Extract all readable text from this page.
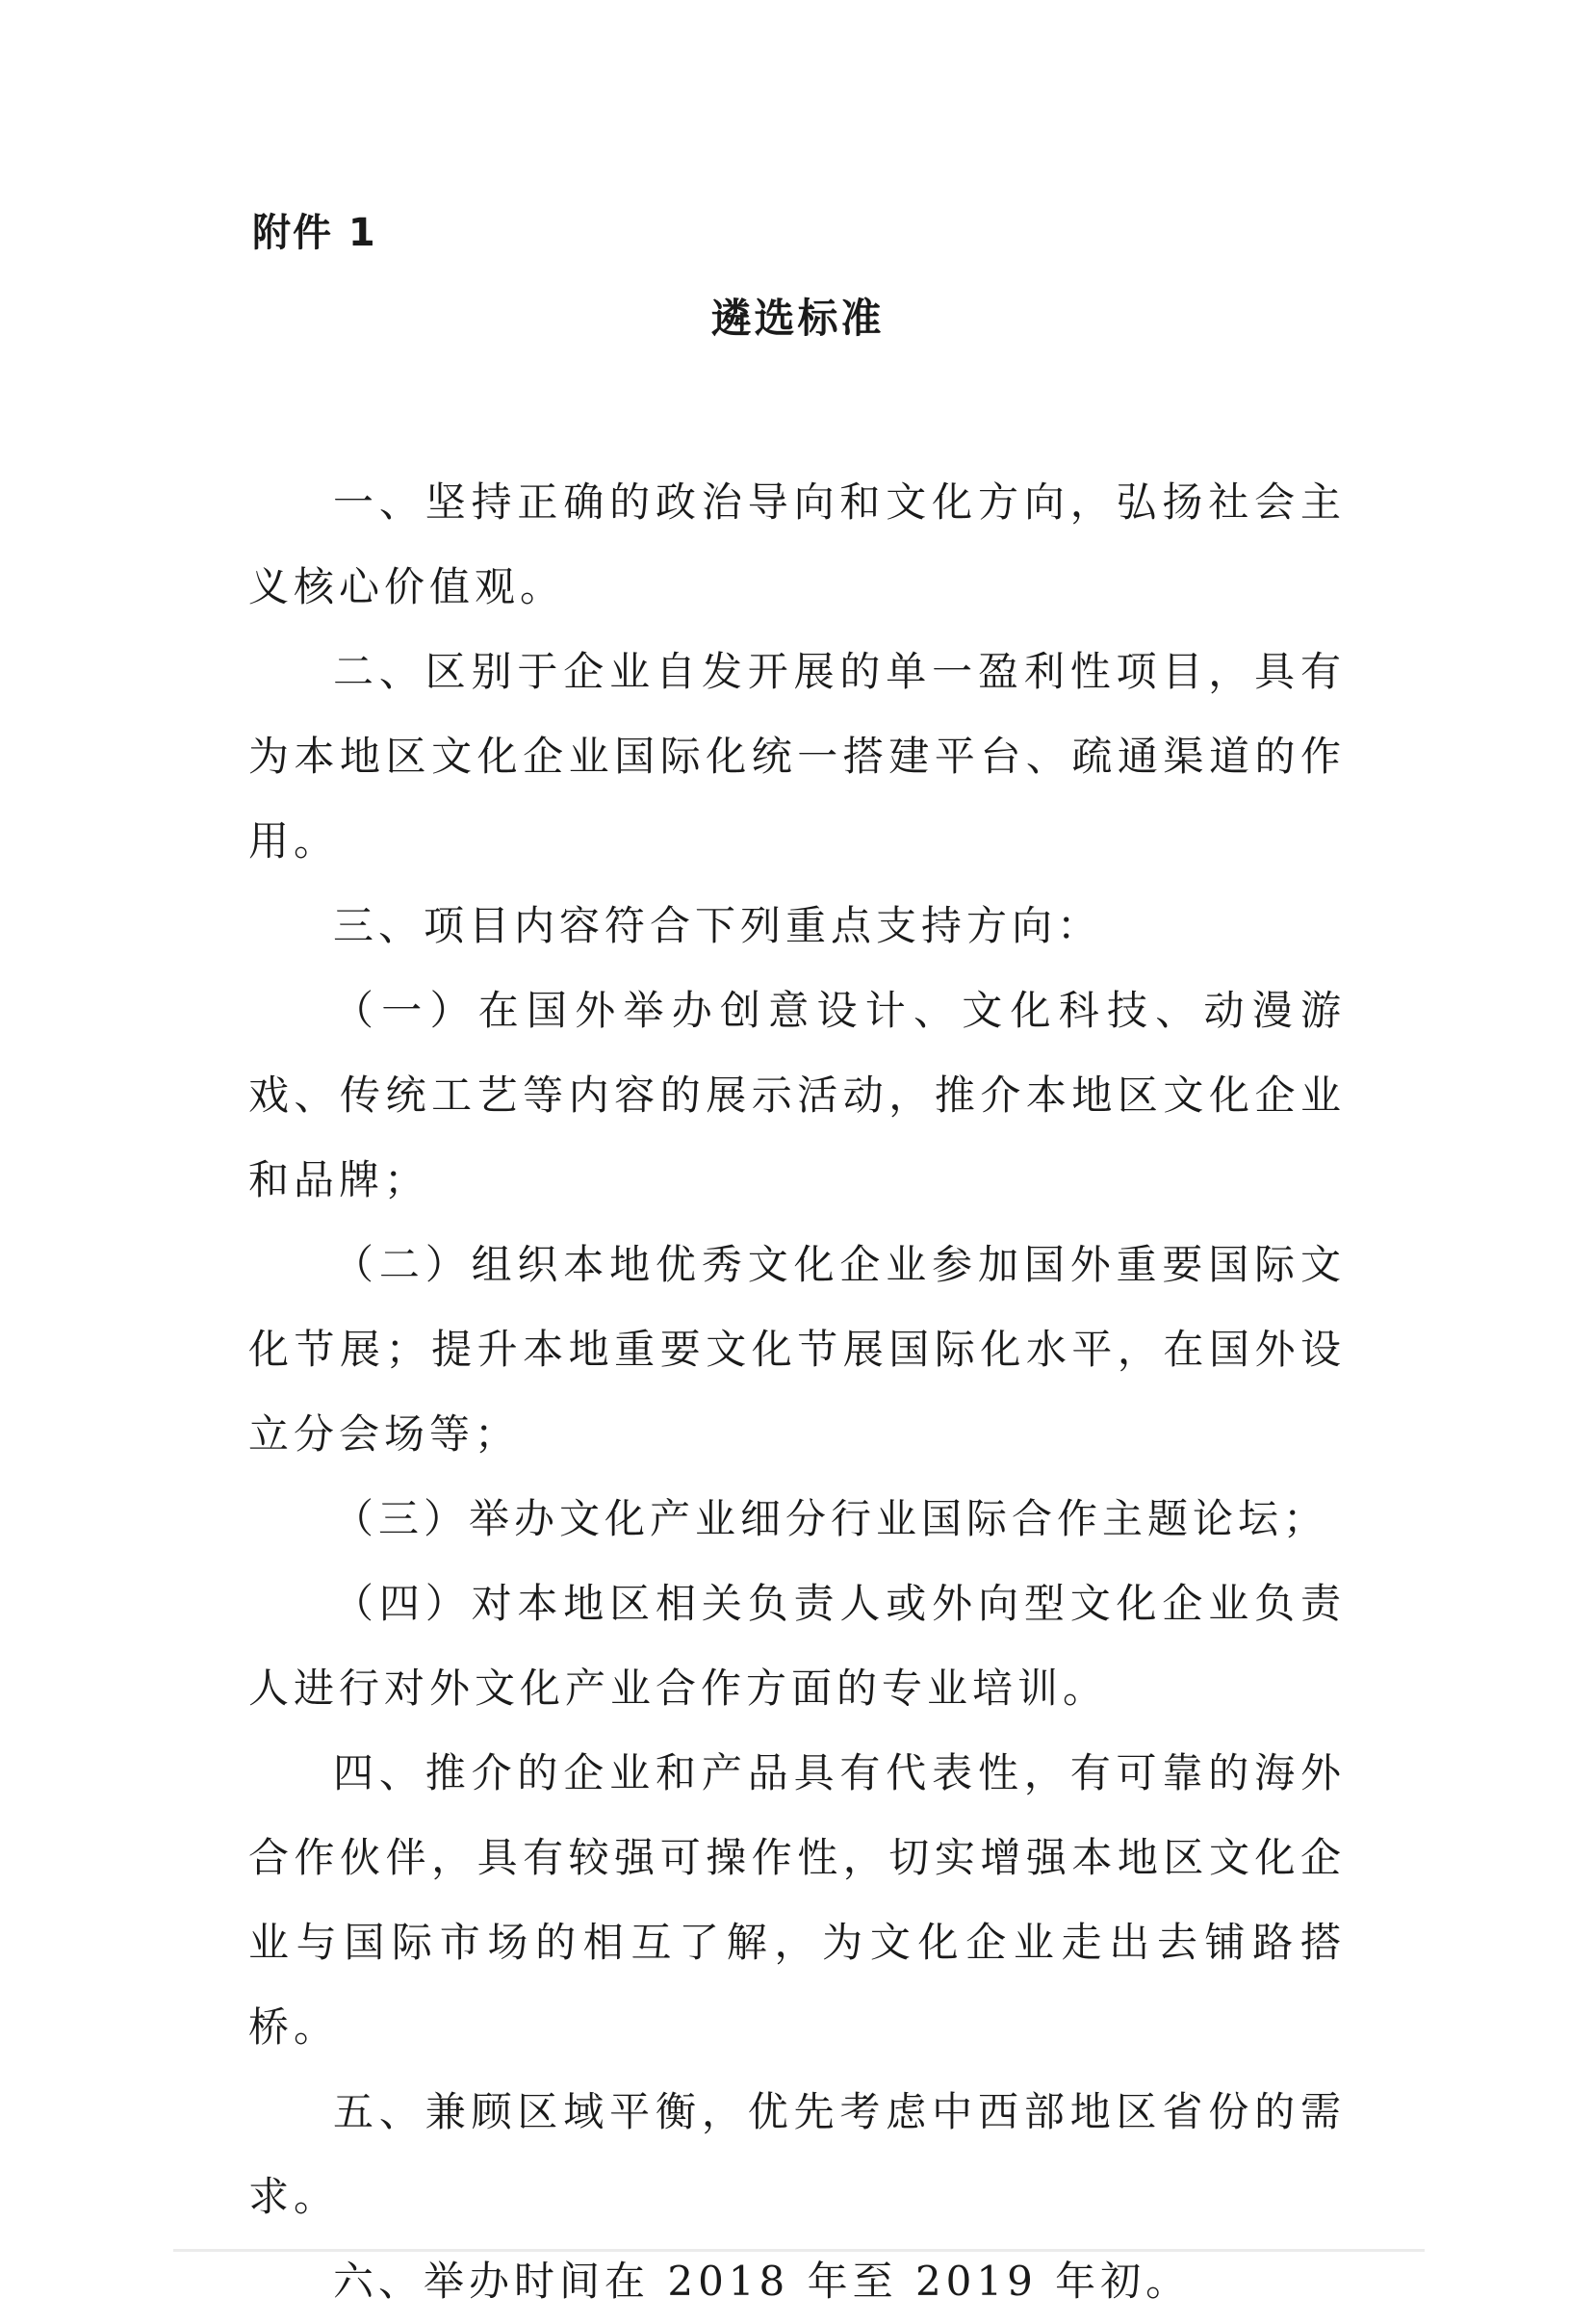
附件 1
遴选标准

一、坚持正确的政治导向和文化方向，弘扬社会主义核心价值观。

二、区别于企业自发开展的单一盈利性项目，具有为本地区文化企业国际化统一搭建平台、疏通渠道的作用。

三、项目内容符合下列重点支持方向：

（一）在国外举办创意设计、文化科技、动漫游戏、传统工艺等内容的展示活动，推介本地区文化企业和品牌；

（二）组织本地优秀文化企业参加国外重要国际文化节展；提升本地重要文化节展国际化水平，在国外设立分会场等；

（三）举办文化产业细分行业国际合作主题论坛；

（四）对本地区相关负责人或外向型文化企业负责人进行对外文化产业合作方面的专业培训。

四、推介的企业和产品具有代表性，有可靠的海外合作伙伴，具有较强可操作性，切实增强本地区文化企业与国际市场的相互了解，为文化企业走出去铺路搭桥。

五、兼顾区域平衡，优先考虑中西部地区省份的需求。

六、举办时间在 2018 年至 2019 年初。
